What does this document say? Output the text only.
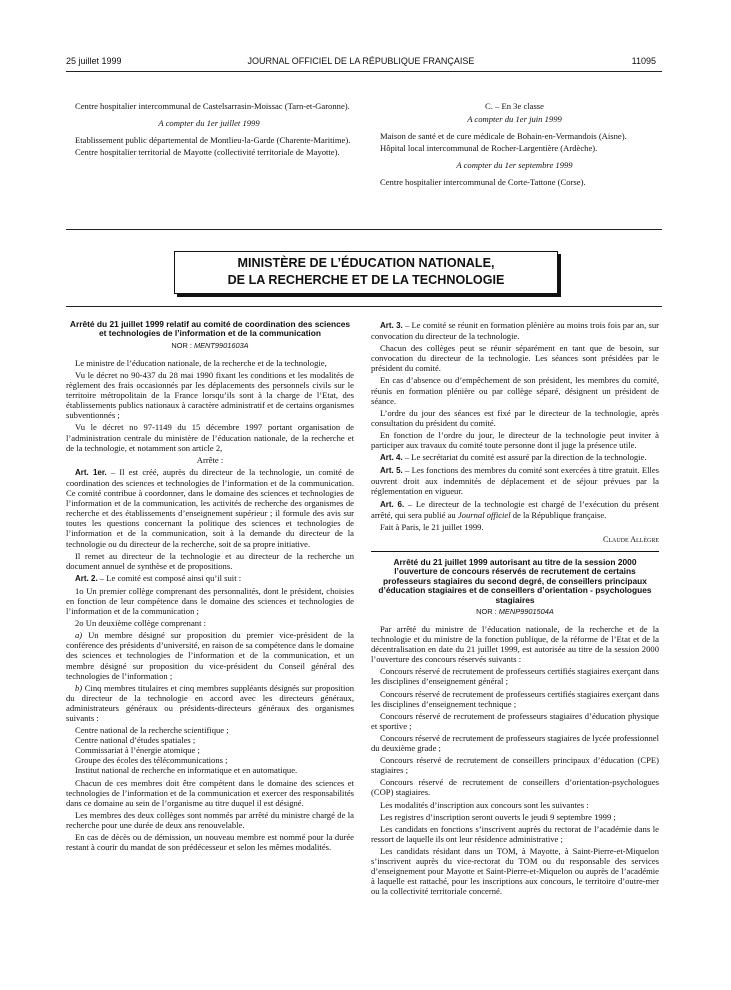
25 juillet 1999	JOURNAL OFFICIEL DE LA RÉPUBLIQUE FRANÇAISE	11095

Centre hospitalier intercommunal de Castelsarrasin-Moissac (Tarn-et-Garonne).

A compter du 1er juillet 1999

Etablissement public départemental de Montlieu-la-Garde (Charente-Maritime).

Centre hospitalier territorial de Mayotte (collectivité territoriale de Mayotte).

C. – En 3e classe

A compter du 1er juin 1999

Maison de santé et de cure médicale de Bohain-en-Vermandois (Aisne).

Hôpital local intercommunal de Rocher-Largentière (Ardèche).

A compter du 1er septembre 1999

Centre hospitalier intercommunal de Corte-Tattone (Corse).

MINISTÈRE DE L’ÉDUCATION NATIONALE,
DE LA RECHERCHE ET DE LA TECHNOLOGIE
Arrêté du 21 juillet 1999 relatif au comité de coordination des sciences et technologies de l’information et de la communication
NOR : MENT9901603A

Le ministre de l’éducation nationale, de la recherche et de la technologie,

Vu le décret no 90-437 du 28 mai 1990 fixant les conditions et les modalités de règlement des frais occasionnés par les déplacements des personnels civils sur le territoire métropolitain de la France lorsqu’ils sont à la charge de l’Etat, des établissements publics nationaux à caractère administratif et de certains organismes subventionnés ;

Vu le décret no 97-1149 du 15 décembre 1997 portant organisation de l’administration centrale du ministère de l’éducation nationale, de la recherche et de la technologie, et notamment son article 2,

Arrête :

Art. 1er. – Il est créé, auprès du directeur de la technologie, un comité de coordination des sciences et technologies de l’information et de la communication. Ce comité contribue à coordonner, dans le domaine des sciences et technologies de l’information et de la communication, les activités de recherche des organismes de recherche et des établissements d’enseignement supérieur ; il formule des avis sur toutes les questions concernant la politique des sciences et technologies de l’information et de la communication, soit à la demande du directeur de la technologie ou du directeur de la recherche, soit de sa propre initiative.

Il remet au directeur de la technologie et au directeur de la recherche un document annuel de synthèse et de propositions.

Art. 2. – Le comité est composé ainsi qu’il suit :

1o Un premier collège comprenant des personnalités, dont le président, choisies en fonction de leur compétence dans le domaine des sciences et technologies de l’information et de la communication ;

2o Un deuxième collège comprenant :

a) Un membre désigné sur proposition du premier vice-président de la conférence des présidents d’université, en raison de sa compétence dans le domaine des sciences et technologies de l’information et de la communication, et un membre désigné sur proposition du vice-président du Conseil général des technologies de l’information ;

b) Cinq membres titulaires et cinq membres suppléants désignés sur proposition du directeur de la technologie en accord avec les directeurs généraux, administrateurs généraux ou présidents-directeurs généraux des organismes suivants :

Centre national de la recherche scientifique ;

Centre national d’études spatiales ;

Commissariat à l’énergie atomique ;

Groupe des écoles des télécommunications ;

Institut national de recherche en informatique et en automatique.

Chacun de ces membres doit être compétent dans le domaine des sciences et technologies de l’information et de la communication et exercer des responsabilités dans ce domaine au sein de l’organisme au titre duquel il est désigné.

Les membres des deux collèges sont nommés par arrêté du ministre chargé de la recherche pour une durée de deux ans renouvelable.

En cas de décès ou de démission, un nouveau membre est nommé pour la durée restant à courir du mandat de son prédécesseur et selon les mêmes modalités.

Art. 3. – Le comité se réunit en formation plénière au moins trois fois par an, sur convocation du directeur de la technologie.

Chacun des collèges peut se réunir séparément en tant que de besoin, sur convocation du directeur de la technologie. Les séances sont présidées par le président du comité.

En cas d’absence ou d’empêchement de son président, les membres du comité, réunis en formation plénière ou par collège séparé, désignent un président de séance.

L’ordre du jour des séances est fixé par le directeur de la technologie, après consultation du président du comité.

En fonction de l’ordre du jour, le directeur de la technologie peut inviter à participer aux travaux du comité toute personne dont il juge la présence utile.

Art. 4. – Le secrétariat du comité est assuré par la direction de la technologie.

Art. 5. – Les fonctions des membres du comité sont exercées à titre gratuit. Elles ouvrent droit aux indemnités de déplacement et de séjour prévues par la réglementation en vigueur.

Art. 6. – Le directeur de la technologie est chargé de l’exécution du présent arrêté, qui sera publié au Journal officiel de la République française.

Fait à Paris, le 21 juillet 1999.

Claude Allègre
Arrêté du 21 juillet 1999 autorisant au titre de la session 2000 l’ouverture de concours réservés de recrutement de certains professeurs stagiaires du second degré, de conseillers principaux d’éducation stagiaires et de conseillers d’orientation - psychologues stagiaires
NOR : MENP9901504A

Par arrêté du ministre de l’éducation nationale, de la recherche et de la technologie et du ministre de la fonction publique, de la réforme de l’Etat et de la décentralisation en date du 21 juillet 1999, est autorisée au titre de la session 2000 l’ouverture des concours réservés suivants :

Concours réservé de recrutement de professeurs certifiés stagiaires exerçant dans les disciplines d’enseignement général ;

Concours réservé de recrutement de professeurs certifiés stagiaires exerçant dans les disciplines d’enseignement technique ;

Concours réservé de recrutement de professeurs stagiaires d’éducation physique et sportive ;

Concours réservé de recrutement de professeurs stagiaires de lycée professionnel du deuxième grade ;

Concours réservé de recrutement de conseillers principaux d’éducation (CPE) stagiaires ;

Concours réservé de recrutement de conseillers d’orientation-psychologues (COP) stagiaires.

Les modalités d’inscription aux concours sont les suivantes :

Les registres d’inscription seront ouverts le jeudi 9 septembre 1999 ;

Les candidats en fonctions s’inscrivent auprès du rectorat de l’académie dans le ressort de laquelle ils ont leur résidence administrative ;

Les candidats résidant dans un TOM, à Mayotte, à Saint-Pierre-et-Miquelon s’inscrivent auprès du vice-rectorat du TOM ou du responsable des services d’enseignement pour Mayotte et Saint-Pierre-et-Miquelon ou auprès de l’académie à laquelle est rattaché, pour les inscriptions aux concours, le territoire d’outre-mer ou la collectivité territoriale concerné.
